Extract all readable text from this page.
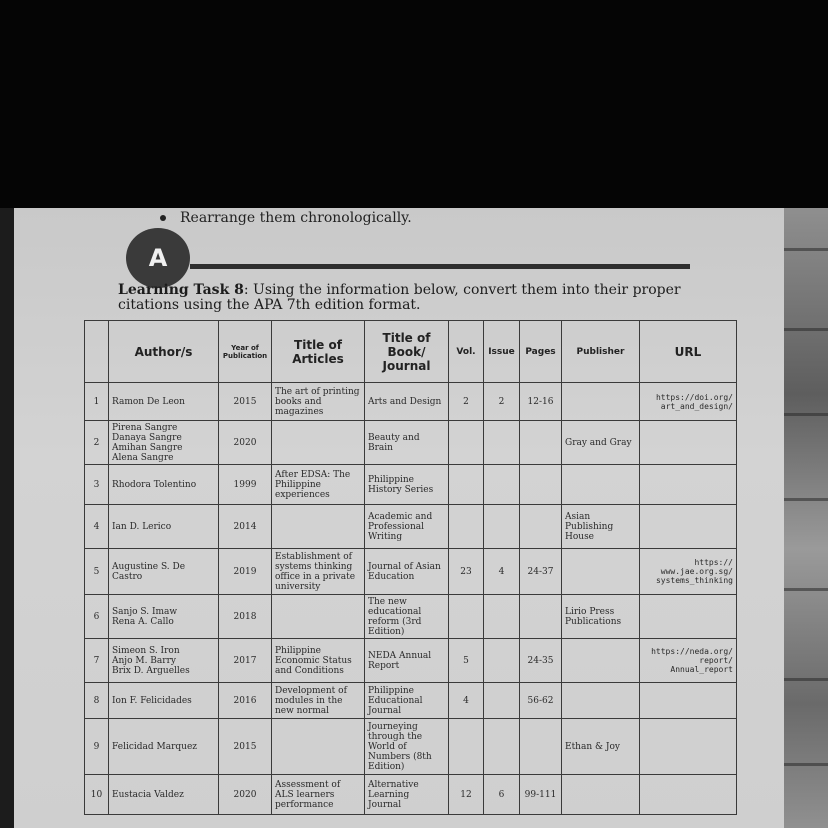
Rearrange them chronologically.
A
Learning Task 8: Using the information below, convert them into their proper citations using the APA 7th edition format.
	Author/s	Year of Publication	Title of Articles	Title of Book/ Journal	Vol.	Issue	Pages	Publisher	URL
1	Ramon De Leon	2015	The art of printing books and magazines	Arts and Design	2	2	12-16		https://doi.org/ art_and_design/
2	Pirena Sangre
Danaya Sangre
Amihan Sangre
Alena Sangre	2020		Beauty and Brain				Gray and Gray	
3	Rhodora Tolentino	1999	After EDSA: The Philippine experiences	Philippine History Series					
4	Ian D. Lerico	2014		Academic and Professional Writing				Asian Publishing House	
5	Augustine S. De Castro	2019	Establishment of systems thinking office in a private university	Journal of Asian Education	23	4	24-37		https:// www.jae.org.sg/ systems_thinking
6	Sanjo S. Imaw
Rena A. Callo	2018		The new educational reform (3rd Edition)				Lirio Press Publications	
7	Simeon S. Iron
Anjo M. Barry
Brix D. Arguelles	2017	Philippine Economic Status and Conditions	NEDA Annual Report	5		24-35		https://neda.org/ report/ Annual_report
8	Ion F. Felicidades	2016	Development of modules in the new normal	Philippine Educational Journal	4		56-62		
9	Felicidad Marquez	2015		Journeying through the World of Numbers (8th Edition)				Ethan & Joy	
10	Eustacia Valdez	2020	Assessment of ALS learners performance	Alternative Learning Journal	12	6	99-111		
